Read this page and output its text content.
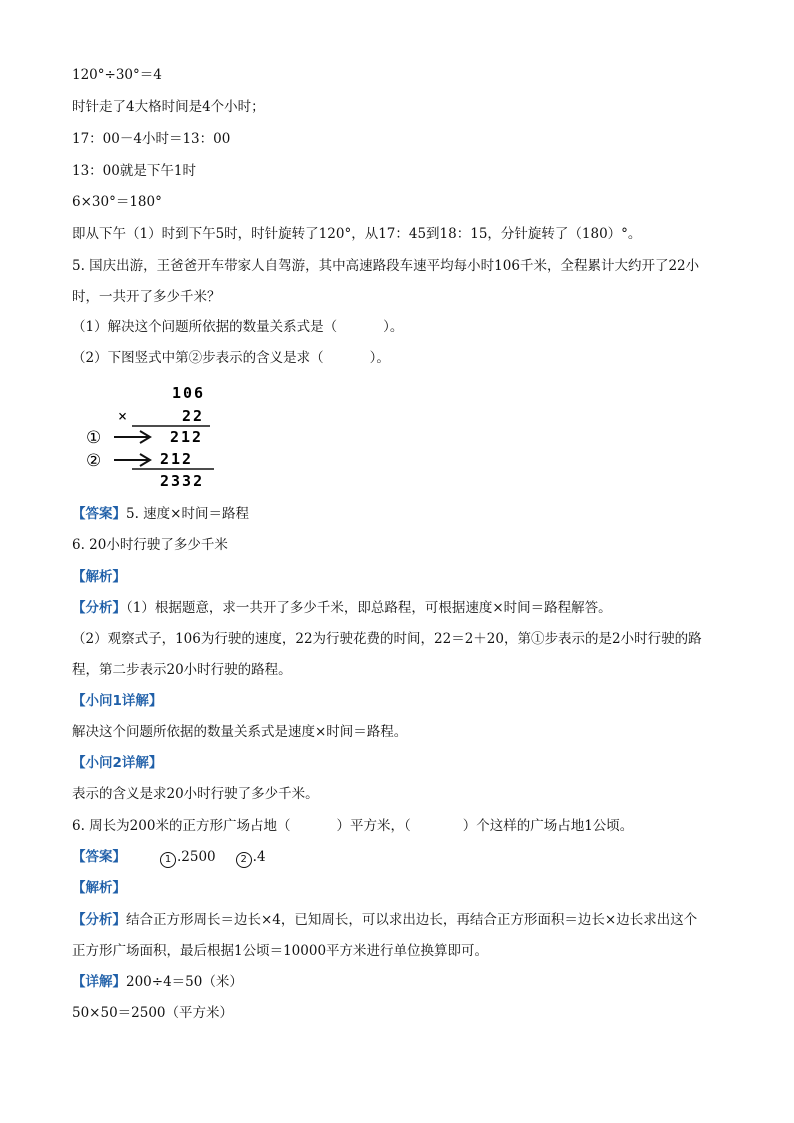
120°÷30°＝4
时针走了4大格时间是4个小时；
17：00－4小时＝13：00
13：00就是下午1时
6×30°＝180°
即从下午（1）时到下午5时，时针旋转了120°，从17：45到18：15，分针旋转了（180）°。
5. 国庆出游，王爸爸开车带家人自驾游，其中高速路段车速平均每小时106千米，全程累计大约开了22小
时，一共开了多少千米？
（1）解决这个问题所依据的数量关系式是（	）。
（2）下图竖式中第②步表示的含义是求（	）。
106
×	22
①	212
②	212
2332
【答案】5. 速度×时间＝路程
6. 20小时行驶了多少千米
【解析】
【分析】（1）根据题意，求一共开了多少千米，即总路程，可根据速度×时间＝路程解答。
（2）观察式子，106为行驶的速度，22为行驶花费的时间，22＝2＋20，第①步表示的是2小时行驶的路
程，第二步表示20小时行驶的路程。
【小问1详解】
解决这个问题所依据的数量关系式是速度×时间＝路程。
【小问2详解】
表示的含义是求20小时行驶了多少千米。
6. 周长为200米的正方形广场占地（	）平方米，（	）个这样的广场占地1公顷。
【答案】	1 .2500 2 .4
【解析】
【分析】结合正方形周长＝边长×4，已知周长，可以求出边长，再结合正方形面积＝边长×边长求出这个
正方形广场面积，最后根据1公顷＝10000平方米进行单位换算即可。
【详解】200÷4＝50（米）
50×50＝2500（平方米）
